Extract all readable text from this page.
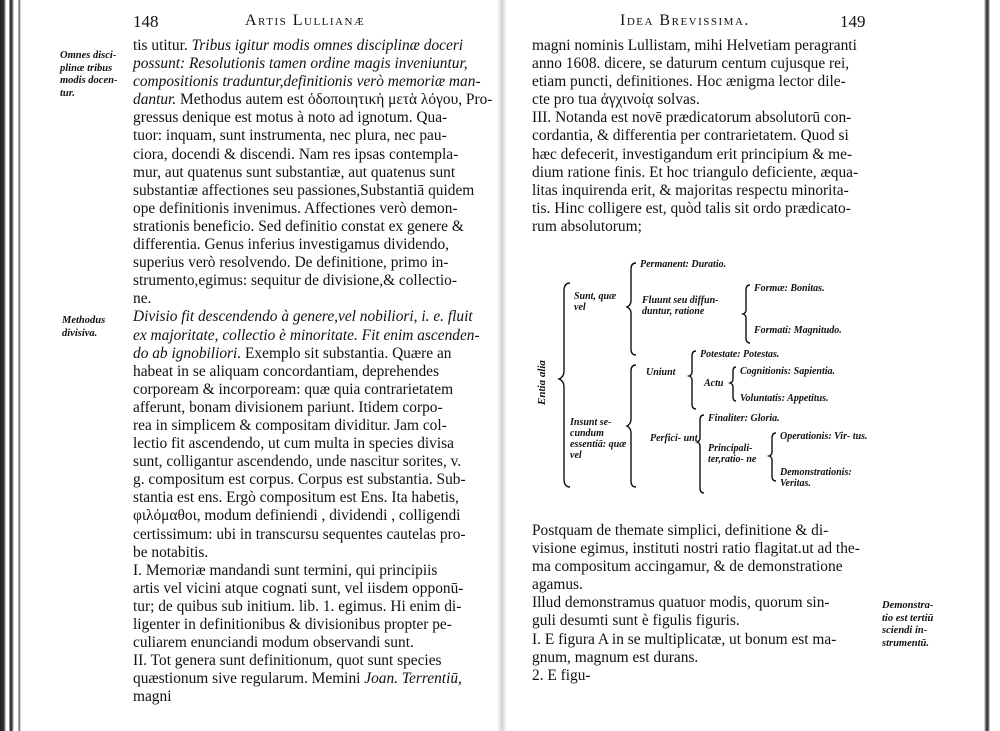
148	Artis Lullianæ
Omnes disci-
plinæ tribus
modis docen-
tur.
Methodus
divisiva.
tis utitur. Tribus igitur modis omnes disciplinæ doceri
possunt: Resolutionis tamen ordine magis inveniuntur,
compositionis traduntur,definitionis verò memoriæ man-
dantur. Methodus autem est ὁδοποιητικὴ μετὰ λόγου, Pro-
gressus denique est motus à noto ad ignotum. Qua-
tuor: inquam, sunt instrumenta, nec plura, nec pau-
ciora, docendi & discendi. Nam res ipsas contempla-
mur, aut quatenus sunt substantiæ, aut quatenus sunt
substantiæ affectiones seu passiones,Substantiā quidem
ope definitionis invenimus. Affectiones verò demon-
strationis beneficio. Sed definitio constat ex genere &
differentia. Genus inferius investigamus dividendo,
superius verò resolvendo. De definitione, primo in-
strumento,egimus: sequitur de divisione,& collectio-
ne.
Divisio fit descendendo à genere,vel nobiliori, i. e. fluit
ex majoritate, collectio è minoritate. Fit enim ascenden-
do ab ignobiliori. Exemplo sit substantia. Quære an
habeat in se aliquam concordantiam, deprehendes
corpoream & incorpoream: quæ quia contrarietatem
afferunt, bonam divisionem pariunt. Itidem corpo-
rea in simplicem & compositam dividitur. Jam col-
lectio fit ascendendo, ut cum multa in species divisa
sunt, colligantur ascendendo, unde nascitur sorites, v.
g. compositum est corpus. Corpus est substantia. Sub-
stantia est ens. Ergò compositum est Ens. Ita habetis,
φιλόμαθοι, modum definiendi , dividendi , colligendi
certissimum: ubi in transcursu sequentes cautelas pro-
be notabitis.
I. Memoriæ mandandi sunt termini, qui principiis
artis vel vicini atque cognati sunt, vel iisdem opponū-
tur; de quibus sub initium. lib. 1. egimus. Hi enim di-
ligenter in definitionibus & divisionibus propter pe-
culiarem enunciandi modum observandi sunt.
II. Tot genera sunt definitionum, quot sunt species
quæstionum sive regularum. Memini Joan. Terrentiū,
magni
Idea Brevissima.	149
magni nominis Lullistam, mihi Helvetiam peragranti
anno 1608. dicere, se daturum centum cujusque rei,
etiam puncti, definitiones. Hoc ænigma lector dile-
cte pro tua ἀγχινοίᾳ solvas.
III. Notanda est novē prædicatorum absolutorū con-
cordantia, & differentia per contrarietatem. Quod si
hæc defecerit, investigandum erit principium & me-
dium ratione finis. Et hoc triangulo deficiente, æqua-
litas inquirenda erit, & majoritas respectu minorita-
tis. Hinc colligere est, quòd talis sit ordo prædicato-
rum absolutorum;
Entia alia
Sunt, quæ vel
Permanent: Duratio.
Fluunt seu diffun- duntur, ratione
Formæ: Bonitas.
Formati: Magnitudo.
Insunt se- cundum essentiā: quæ vel
Uniunt
Potestate: Potestas.
Actu
Cognitionis: Sapientia.
Voluntatis: Appetitus.
Perfici- unt
Finaliter: Gloria.
Principali- ter,ratio- ne
Operationis: Vir- tus.
Demonstrationis: Veritas.
Postquam de themate simplici, definitione & di-
visione egimus, instituti nostri ratio flagitat.ut ad the-
ma compositum accingamur, & de demonstratione
agamus.
Illud demonstramus quatuor modis, quorum sin-
guli desumti sunt è figulis figuris.
I. E figura A in se multiplicatæ, ut bonum est ma-
gnum, magnum est durans.
2. E figu-
Demonstra-
tio est tertiū
sciendi in-
strumentū.
